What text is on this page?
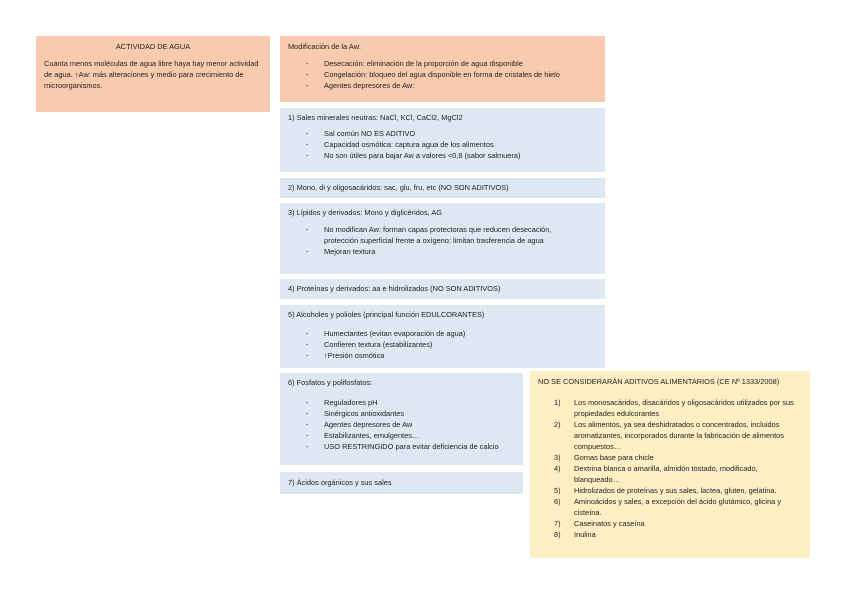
ACTIVIDAD DE AGUA

Cuanta menos moléculas de agua libre haya hay menor actividad de agua. ↑Aw: más alteraciones y medio para crecimiento de microorganismos.

Modificación de la Aw:
- Desecación: eliminación de la proporción de agua disponible
- Congelación: bloqueo del agua disponible en forma de cristales de hielo
- Agentes depresores de Aw:
1) Sales minerales neutras: NaCl, KCl, CaCl2, MgCl2
- Sal común NO ES ADITIVO
- Capacidad osmótica: captura agua de los alimentos
- No son útiles para bajar Aw a valores <0,8 (sabor salmuera)
2) Mono, di y oligosacáridos: sac, glu, fru, etc (NO SON ADITIVOS)
3) Lípidos y derivados: Mono y diglicéridos, AG
- No modifican Aw: forman capas protectoras que reducen desecación, protección superficial frente a oxígeno: limitan trasferencia de agua
- Mejoran textura
4) Proteínas y derivados: aa e hidrolizados (NO SON ADITIVOS)
5) Alcoholes y polioles (principal función EDULCORANTES)
- Humectantes (evitan evaporación de agua)
- Confieren textura (estabilizantes)
- ↑Presión osmótica
6) Fosfatos y polifosfatos:
- Reguladores pH
- Sinérgicos antioxidantes
- Agentes depresores de Aw
- Estabilizantes, emulgentes…
- USO RESTRINGIDO para evitar deficiencia de calcio
7) Ácidos orgánicos y sus sales
NO SE CONSIDERARÁN ADITIVOS ALIMENTARIOS (CE Nº 1333/2008)
1) Los monosacáridos, disacáridos y oligosacáridos utilizados por sus propiedades edulcorantes
2) Los alimentos, ya sea deshidratados o concentrados, incluidos aromatizantes, incorporados durante la fabricación de alimentos compuestos…
3) Gomas base para chicle
4) Dextrina blanca o amarilla, almidón tostado, modificado, blanqueado…
5) Hidrolizados de proteínas y sus sales, lactea, gluten, gelatina.
6) Aminoácidos y sales, a excepción del ácido glutámico, glicina y cisteína.
7) Caseinatos y caseína
8) Inulina
